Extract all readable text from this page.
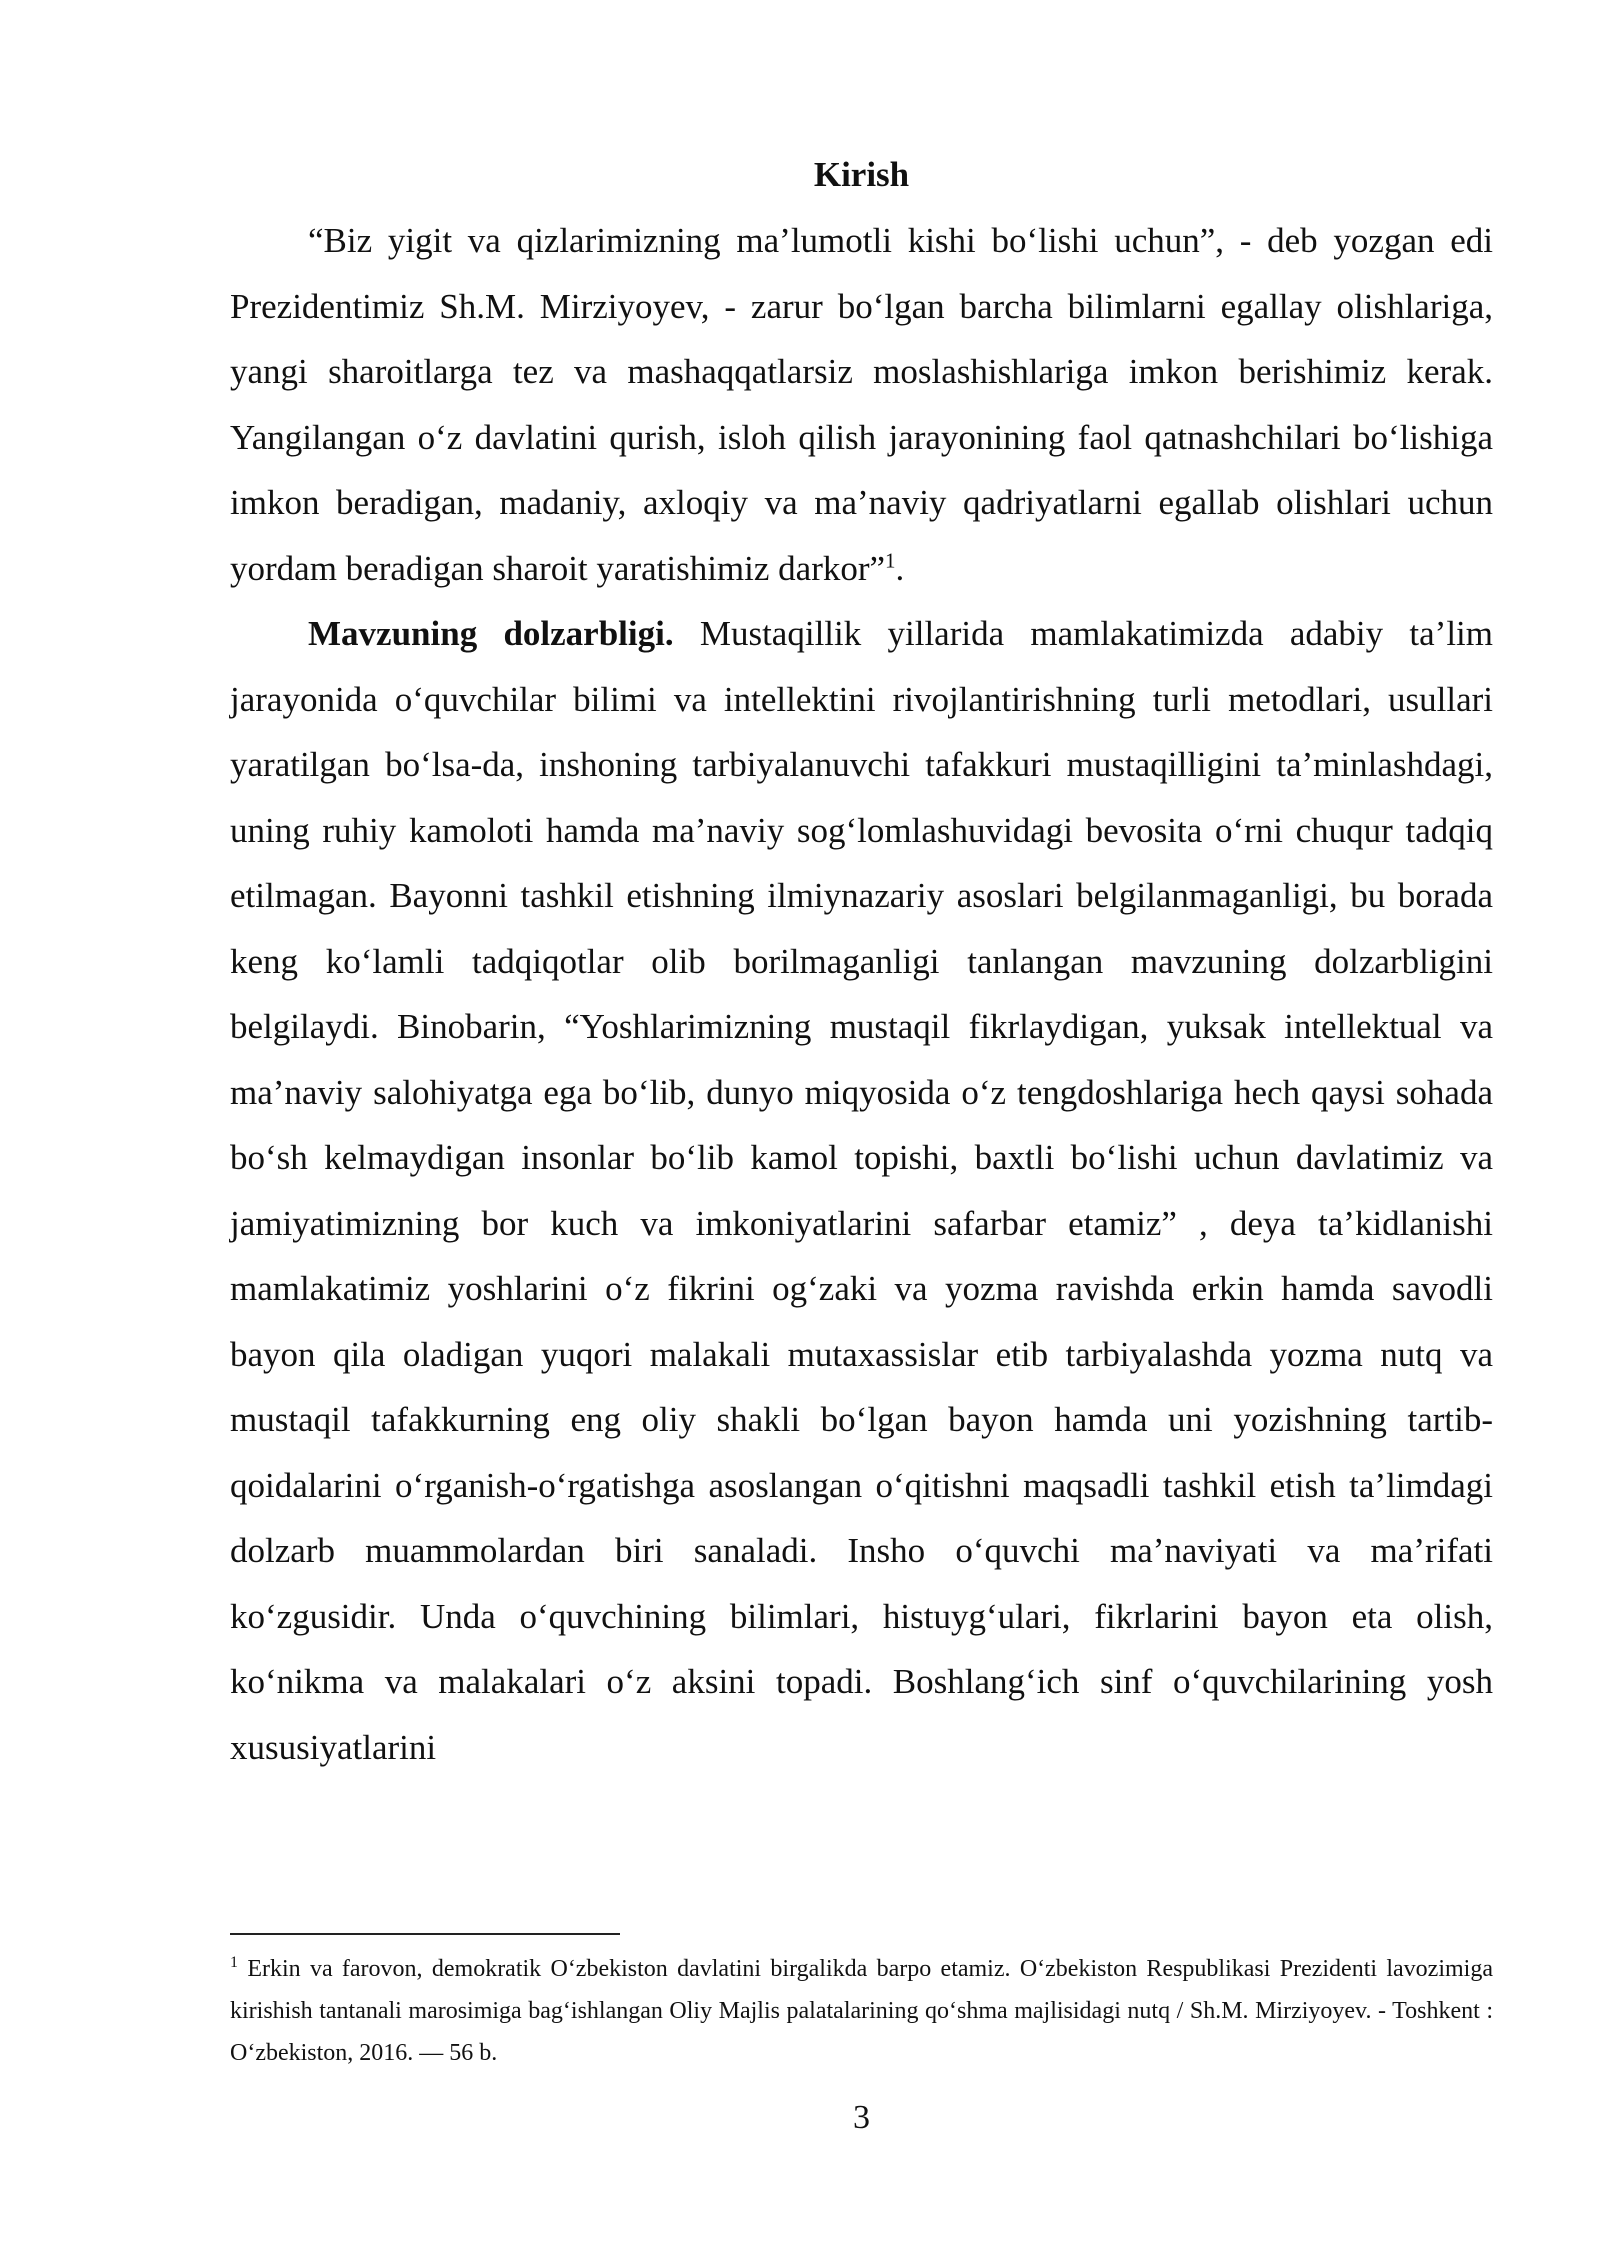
Kirish

“Biz yigit va qizlarimizning ma’lumotli kishi bo‘lishi uchun”, - deb yozgan edi Prezidentimiz Sh.M. Mirziyoyev, - zarur bo‘lgan barcha bilimlarni egallay olishlariga, yangi sharoitlarga tez va mashaqqatlarsiz moslashishlariga imkon berishimiz kerak. Yangilangan o‘z davlatini qurish, isloh qilish jarayonining faol qatnashchilari bo‘lishiga imkon beradigan, madaniy, axloqiy va ma’naviy qadriyatlarni egallab olishlari uchun yordam beradigan sharoit yaratishimiz darkor”$^1$.

Mavzuning dolzarbligi. Mustaqillik yillarida mamlakatimizda adabiy ta’lim jarayonida o‘quvchilar bilimi va intellektini rivojlantirishning turli metodlari, usullari yaratilgan bo‘lsa-da, inshoning tarbiyalanuvchi tafakkuri mustaqilligini ta’minlashdagi, uning ruhiy kamoloti hamda ma’naviy sog‘lomlashuvidagi bevosita o‘rni chuqur tadqiq etilmagan. Bayonni tashkil etishning ilmiynazariy asoslari belgilanmaganligi, bu borada keng ko‘lamli tadqiqotlar olib borilmaganligi tanlangan mavzuning dolzarbligini belgilaydi. Binobarin, “Yoshlarimizning mustaqil fikrlaydigan, yuksak intellektual va ma’naviy salohiyatga ega bo‘lib, dunyo miqyosida o‘z tengdoshlariga hech qaysi sohada bo‘sh kelmaydigan insonlar bo‘lib kamol topishi, baxtli bo‘lishi uchun davlatimiz va jamiyatimizning bor kuch va imkoniyatlarini safarbar etamiz” , deya ta’kidlanishi mamlakatimiz yoshlarini o‘z fikrini og‘zaki va yozma ravishda erkin hamda savodli bayon qila oladigan yuqori malakali mutaxassislar etib tarbiyalashda yozma nutq va mustaqil tafakkurning eng oliy shakli bo‘lgan bayon hamda uni yozishning tartib-qoidalarini o‘rganish-o‘rgatishga asoslangan o‘qitishni maqsadli tashkil etish ta’limdagi dolzarb muammolardan biri sanaladi. Insho o‘quvchi ma’naviyati va ma’rifati ko‘zgusidir. Unda o‘quvchining bilimlari, histuyg‘ulari, fikrlarini bayon eta olish, ko‘nikma va malakalari o‘z aksini topadi. Boshlang‘ich sinf o‘quvchilarining yosh xususiyatlarini

$^1$ Erkin va farovon, demokratik O‘zbekiston davlatini birgalikda barpo etamiz. O‘zbekiston Respublikasi Prezidenti lavozimiga kirishish tantanali marosimiga bag‘ishlangan Oliy Majlis palatalarining qo‘shma majlisidagi nutq / Sh.M. Mirziyoyev. - Toshkent : O‘zbekiston, 2016. — 56 b.

3
